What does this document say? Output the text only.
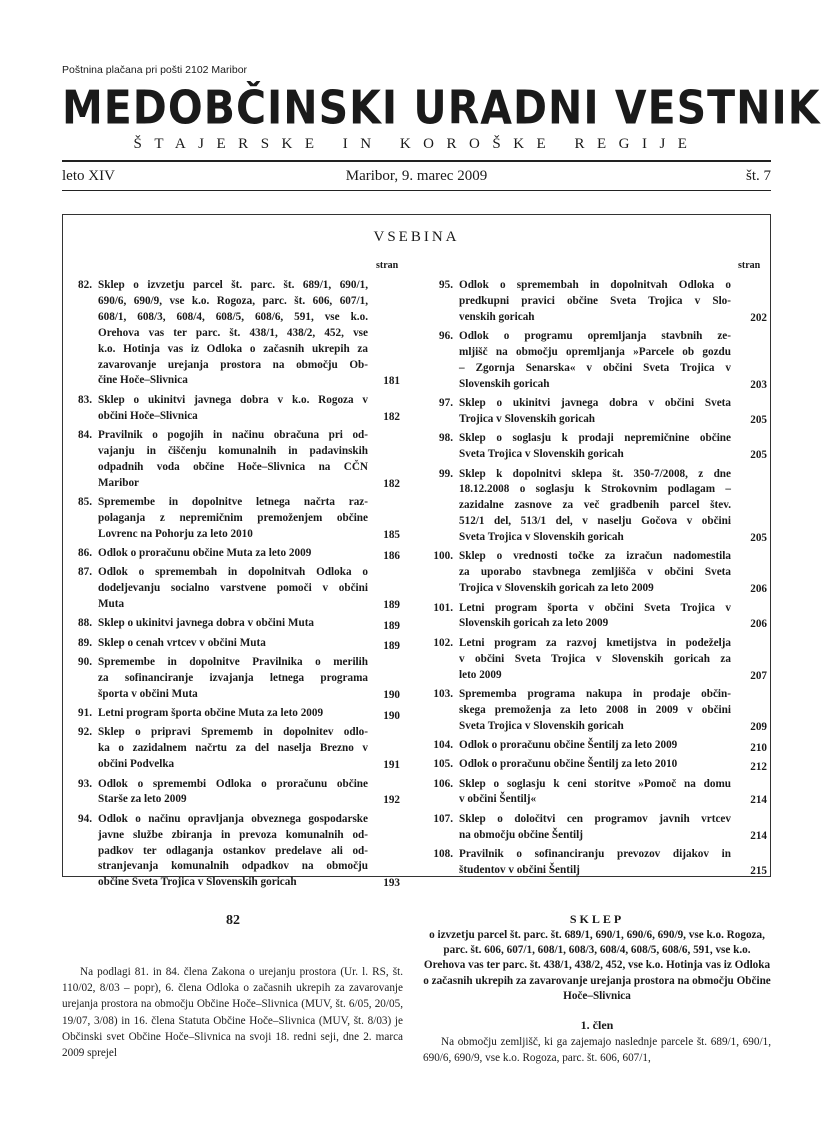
Poštnina plačana pri pošti 2102 Maribor
MEDOBČINSKI URADNI VESTNIK
ŠTAJERSKE IN KOROŠKE REGIJE
leto XIV	Maribor, 9. marec 2009	št. 7
VSEBINA
stran	stran
82. Sklep o izvzetju parcel št. parc. št. 689/1, 690/1,
690/6, 690/9, vse k.o. Rogoza, parc. št. 606, 607/1,
608/1, 608/3, 608/4, 608/5, 608/6, 591, vse k.o.
Orehova vas ter parc. št. 438/1, 438/2, 452, vse
k.o. Hotinja vas iz Odloka o začasnih ukrepih za
zavarovanje urejanja prostora na območju Ob-
čine Hoče–Slivnica	181
83. Sklep o ukinitvi javnega dobra v k.o. Rogoza v
občini Hoče–Slivnica	182
84. Pravilnik o pogojih in načinu obračuna pri od-
vajanju in čiščenju komunalnih in padavinskih
odpadnih voda občine Hoče–Slivnica na CČN
Maribor	182
85. Spremembe in dopolnitve letnega načrta raz-
polaganja z nepremičnim premoženjem občine
Lovrenc na Pohorju za leto 2010	185
86. Odlok o proračunu občine Muta za leto 2009	186
87. Odlok o spremembah in dopolnitvah Odloka o
dodeljevanju socialno varstvene pomoči v občini
Muta	189
88. Sklep o ukinitvi javnega dobra v občini Muta	189
89. Sklep o cenah vrtcev v občini Muta	189
90. Spremembe in dopolnitve Pravilnika o merilih
za sofinanciranje izvajanja letnega programa
športa v občini Muta	190
91. Letni program športa občine Muta za leto 2009	190
92. Sklep o pripravi Sprememb in dopolnitev odlo-
ka o zazidalnem načrtu za del naselja Brezno v
občini Podvelka	191
93. Odlok o spremembi Odloka o proračunu občine
Starše za leto 2009	192
94. Odlok o načinu opravljanja obveznega gospodarske
javne službe zbiranja in prevoza komunalnih od-
padkov ter odlaganja ostankov predelave ali od-
stranjevanja komunalnih odpadkov na območju
občine Sveta Trojica v Slovenskih goricah	193
95. Odlok o spremembah in dopolnitvah Odloka o
predkupni pravici občine Sveta Trojica v Slo-
venskih goricah	202
96. Odlok o programu opremljanja stavbnih ze-
mljišč na območju opremljanja »Parcele ob gozdu
– Zgornja Senarska« v občini Sveta Trojica v
Slovenskih goricah	203
97. Sklep o ukinitvi javnega dobra v občini Sveta
Trojica v Slovenskih goricah	205
98. Sklep o soglasju k prodaji nepremičnine občine
Sveta Trojica v Slovenskih goricah	205
99. Sklep k dopolnitvi sklepa št. 350-7/2008, z dne
18.12.2008 o soglasju k Strokovnim podlagam –
zazidalne zasnove za več gradbenih parcel štev.
512/1 del, 513/1 del, v naselju Gočova v občini
Sveta Trojica v Slovenskih goricah	205
100. Sklep o vrednosti točke za izračun nadomestila
za uporabo stavbnega zemljišča v občini Sveta
Trojica v Slovenskih goricah za leto 2009	206
101. Letni program športa v občini Sveta Trojica v
Slovenskih goricah za leto 2009	206
102. Letni program za razvoj kmetijstva in podeželja
v občini Sveta Trojica v Slovenskih goricah za
leto 2009	207
103. Sprememba programa nakupa in prodaje občin-
skega premoženja za leto 2008 in 2009 v občini
Sveta Trojica v Slovenskih goricah	209
104. Odlok o proračunu občine Šentilj za leto 2009	210
105. Odlok o proračunu občine Šentilj za leto 2010	212
106. Sklep o soglasju k ceni storitve »Pomoč na domu
v občini Šentilj«	214
107. Sklep o določitvi cen programov javnih vrtcev
na območju občine Šentilj	214
108. Pravilnik o sofinanciranju prevozov dijakov in
študentov v občini Šentilj	215
82
Na podlagi 81. in 84. člena Zakona o urejanju prostora (Ur. l. RS, št. 110/02, 8/03 – popr), 6. člena Odloka o začasnih ukrepih za zavarovanje urejanja prostora na območju Občine Hoče–Slivnica (MUV, št. 6/05, 20/05, 19/07, 3/08) in 16. člena Statuta Občine Hoče–Slivnica (MUV, št. 8/03) je Občinski svet Občine Hoče–Slivnica na svoji 18. redni seji, dne 2. marca 2009 sprejel
SKLEP
o izvzetju parcel št. parc. št. 689/1, 690/1, 690/6, 690/9, vse k.o. Rogoza, parc. št. 606, 607/1, 608/1, 608/3, 608/4, 608/5, 608/6, 591, vse k.o. Orehova vas ter parc. št. 438/1, 438/2, 452, vse k.o. Hotinja vas iz Odloka o začasnih ukrepih za zavarovanje urejanja prostora na območju Občine Hoče–Slivnica
1. člen
Na območju zemljišč, ki ga zajemajo naslednje parcele št. 689/1, 690/1, 690/6, 690/9, vse k.o. Rogoza, parc. št. 606, 607/1,
